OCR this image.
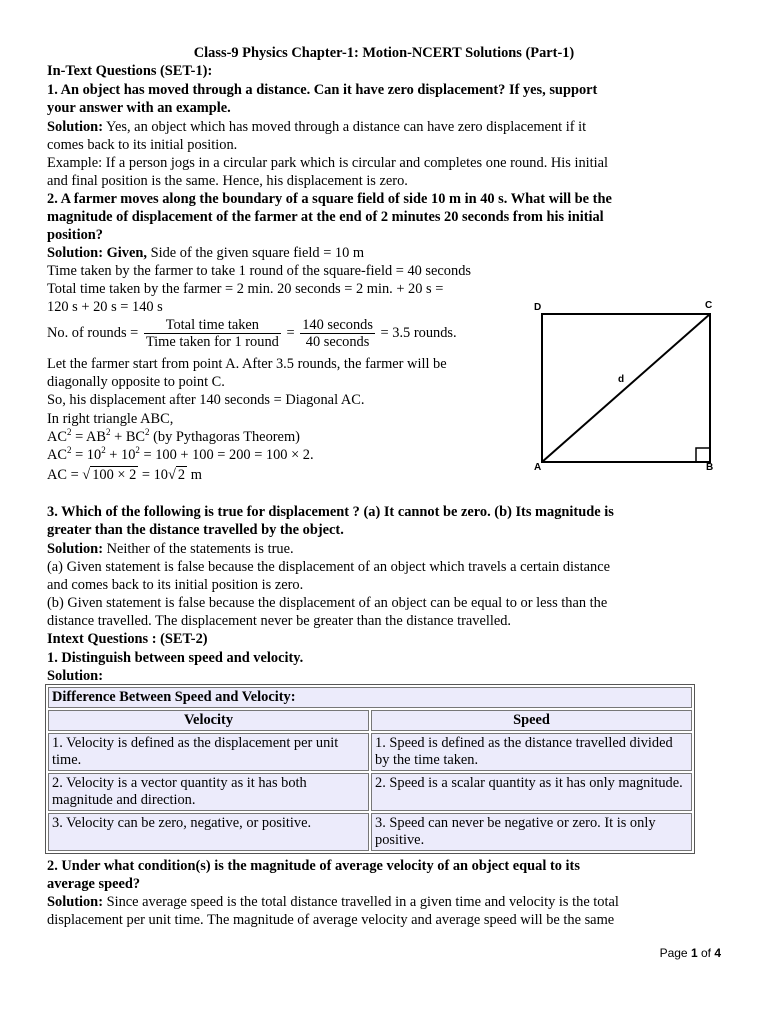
Class-9 Physics Chapter-1: Motion-NCERT Solutions (Part-1)
In-Text Questions (SET-1):
1. An object has moved through a distance. Can it have zero displacement? If yes, support
your answer with an example.
Solution: Yes, an object which has moved through a distance can have zero displacement if it
comes back to its initial position.
Example: If a person jogs in a circular park which is circular and completes one round. His initial
and final position is the same. Hence, his displacement is zero.
2. A farmer moves along the boundary of a square field of side 10 m in 40 s. What will be the
magnitude of displacement of the farmer at the end of 2 minutes 20 seconds from his initial
position?
Solution: Given, Side of the given square field = 10 m
Time taken by the farmer to take 1 round of the square-field = 40 seconds
Total time taken by the farmer = 2 min. 20 seconds = 2 min. + 20 s =
120 s + 20 s = 140 s
No. of rounds = $\frac{\text{Total time taken}}{\text{Time taken for 1 round}} = \frac{\text{140 seconds}}{\text{40 seconds}} = 3.5$ rounds.
Let the farmer start from point A. After 3.5 rounds, the farmer will be
diagonally opposite to point C.
So, his displacement after 140 seconds = Diagonal AC.
In right triangle ABC,
$AC^2 = AB^2 + BC^2$ (by Pythagoras Theorem)
$AC^2 = 10^2 + 10^2 = 100 + 100 = 200 = 100 \times 2$.
AC = √ 100 × 2 = 10√ 2 m
D	C
A	B
d
3. Which of the following is true for displacement ? (a) It cannot be zero. (b) Its magnitude is
greater than the distance travelled by the object.
Solution: Neither of the statements is true.
(a) Given statement is false because the displacement of an object which travels a certain distance
and comes back to its initial position is zero.
(b) Given statement is false because the displacement of an object can be equal to or less than the
distance travelled. The displacement never be greater than the distance travelled.
Intext Questions : (SET-2)
1. Distinguish between speed and velocity.
Solution:
Difference Between Speed and Velocity:	
Velocity	Speed
1. Velocity is defined as the displacement per unit time.	1. Speed is defined as the distance travelled divided by the time taken.
2. Velocity is a vector quantity as it has both magnitude and direction.	2. Speed is a scalar quantity as it has only magnitude.
3. Velocity can be zero, negative, or positive.	3. Speed can never be negative or zero. It is only positive.
2. Under what condition(s) is the magnitude of average velocity of an object equal to its
average speed?
Solution: Since average speed is the total distance travelled in a given time and velocity is the total
displacement per unit time. The magnitude of average velocity and average speed will be the same
Page 1 of 4
